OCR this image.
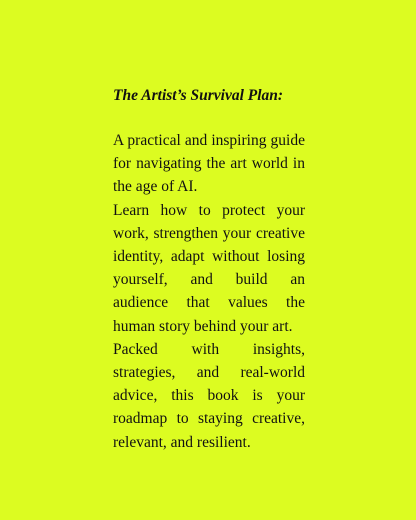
The Artist’s Survival Plan:

A practical and inspiring guide for navigating the art world in the age of AI.

Learn how to protect your work, strengthen your creative identity, adapt without losing yourself, and build an audience that values the human story behind your art.

Packed with insights, strategies, and real-world advice, this book is your roadmap to staying creative, relevant, and resilient.
